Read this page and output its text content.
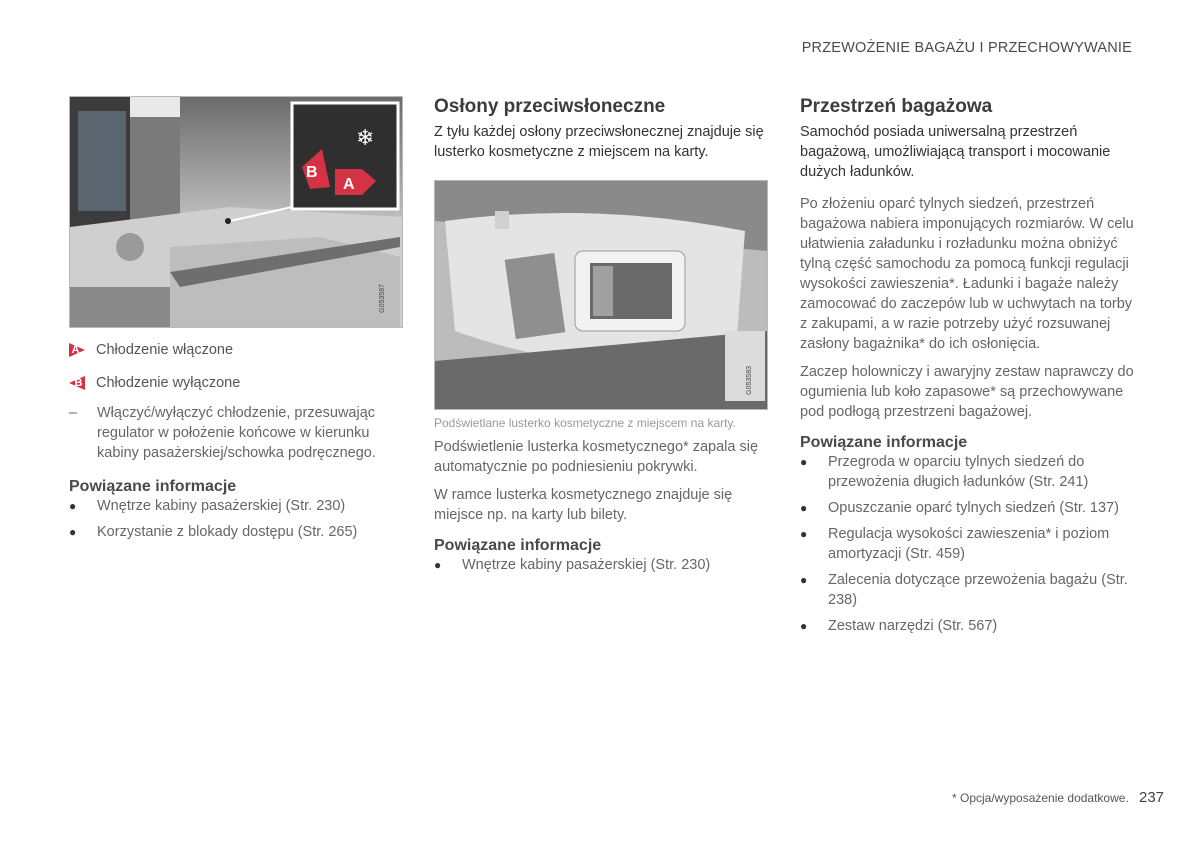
PRZEWOŻENIE BAGAŻU I PRZECHOWYWANIE
❄
B
A
G053587
A	Chłodzenie włączone
B Chłodzenie wyłączone
–	Włączyć/wyłączyć chłodzenie, przesuwając regulator w położenie końcowe w kierunku kabiny pasażerskiej/schowka podręcznego.
Powiązane informacje
●	Wnętrze kabiny pasażerskiej (Str. 230)
●	Korzystanie z blokady dostępu (Str. 265)
Osłony przeciwsłoneczne

Z tyłu każdej osłony przeciwsłonecznej znajduje się lusterko kosmetyczne z miejscem na karty.

G053583
Podświetlane lusterko kosmetyczne z miejscem na karty.

Podświetlenie lusterka kosmetycznego* zapala się automatycznie po podniesieniu pokrywki.

W ramce lusterka kosmetycznego znajduje się miejsce np. na karty lub bilety.

Powiązane informacje
●	Wnętrze kabiny pasażerskiej (Str. 230)
Przestrzeń bagażowa

Samochód posiada uniwersalną przestrzeń bagażową, umożliwiającą transport i mocowanie dużych ładunków.

Po złożeniu oparć tylnych siedzeń, przestrzeń bagażowa nabiera imponujących rozmiarów. W celu ułatwienia załadunku i rozładunku można obniżyć tylną część samochodu za pomocą funkcji regulacji wysokości zawieszenia*. Ładunki i bagaże należy zamocować do zaczepów lub w uchwytach na torby z zakupami, a w razie potrzeby użyć rozsuwanej zasłony bagażnika* do ich osłonięcia.

Zaczep holowniczy i awaryjny zestaw naprawczy do ogumienia lub koło zapasowe* są przechowywane pod podłogą przestrzeni bagażowej.

Powiązane informacje
●	Przegroda w oparciu tylnych siedzeń do przewożenia długich ładunków (Str. 241)
●	Opuszczanie oparć tylnych siedzeń (Str. 137)
●	Regulacja wysokości zawieszenia* i poziom amortyzacji (Str. 459)
●	Zalecenia dotyczące przewożenia bagażu (Str. 238)
●	Zestaw narzędzi (Str. 567)
* Opcja/wyposażenie dodatkowe. 237
